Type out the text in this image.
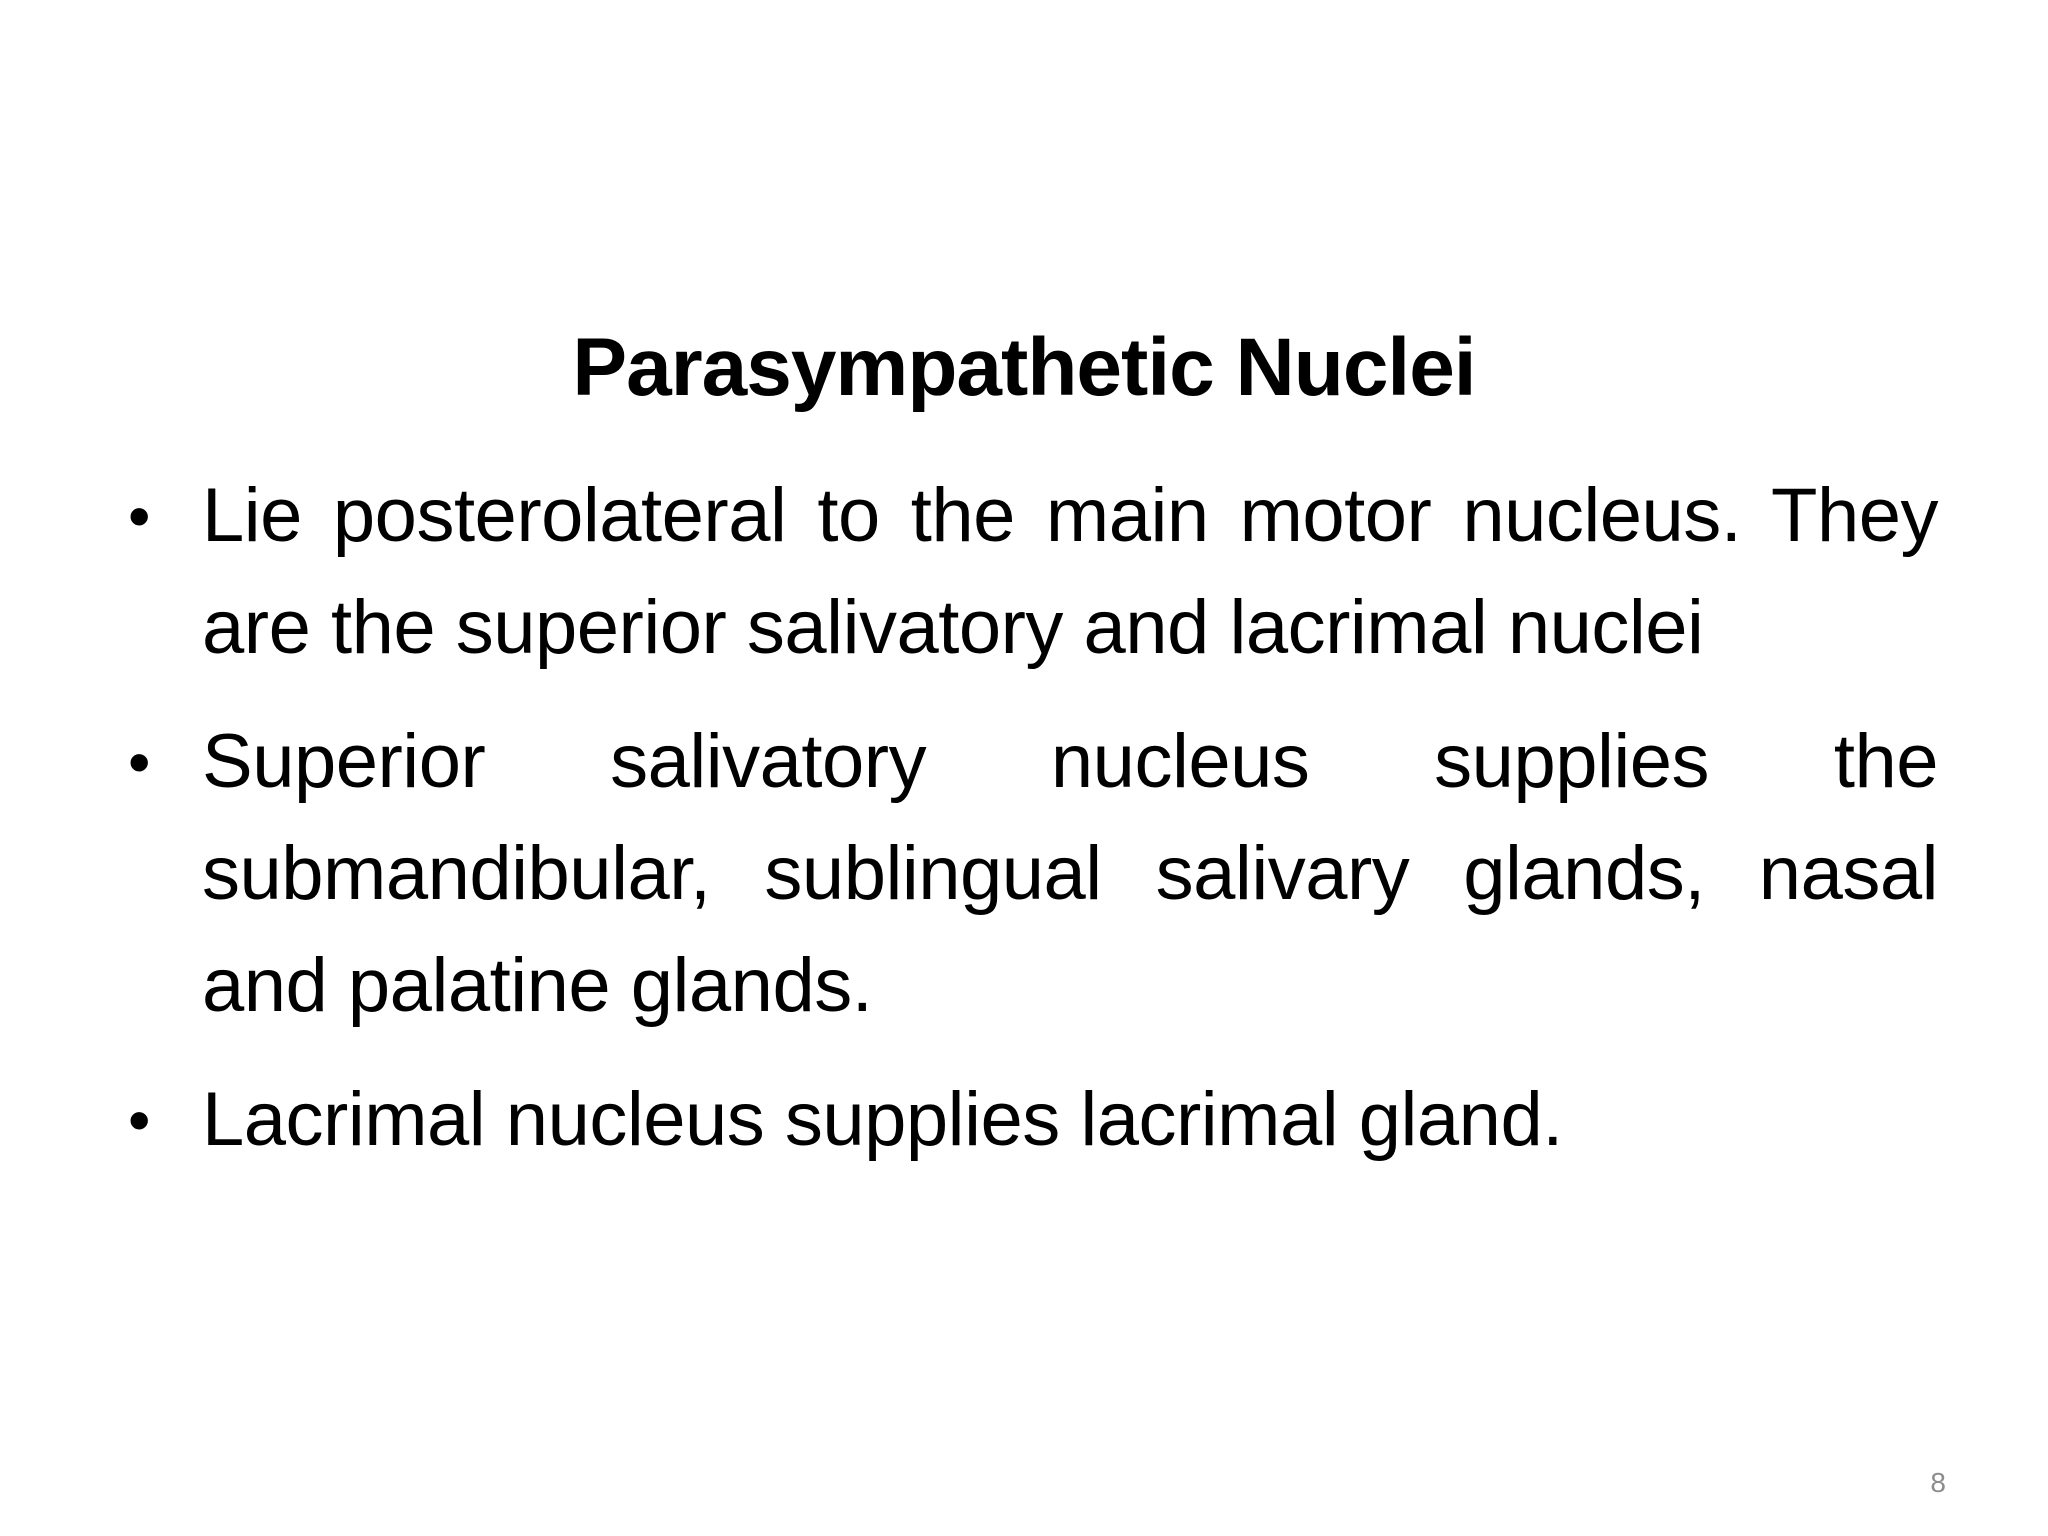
Parasympathetic Nuclei
• Lie posterolateral to the main motor nucleus. They are the superior salivatory and lacrimal nuclei
• Superior salivatory nucleus supplies the submandibular, sublingual salivary glands, nasal and palatine glands.
• Lacrimal nucleus supplies lacrimal gland.
8
